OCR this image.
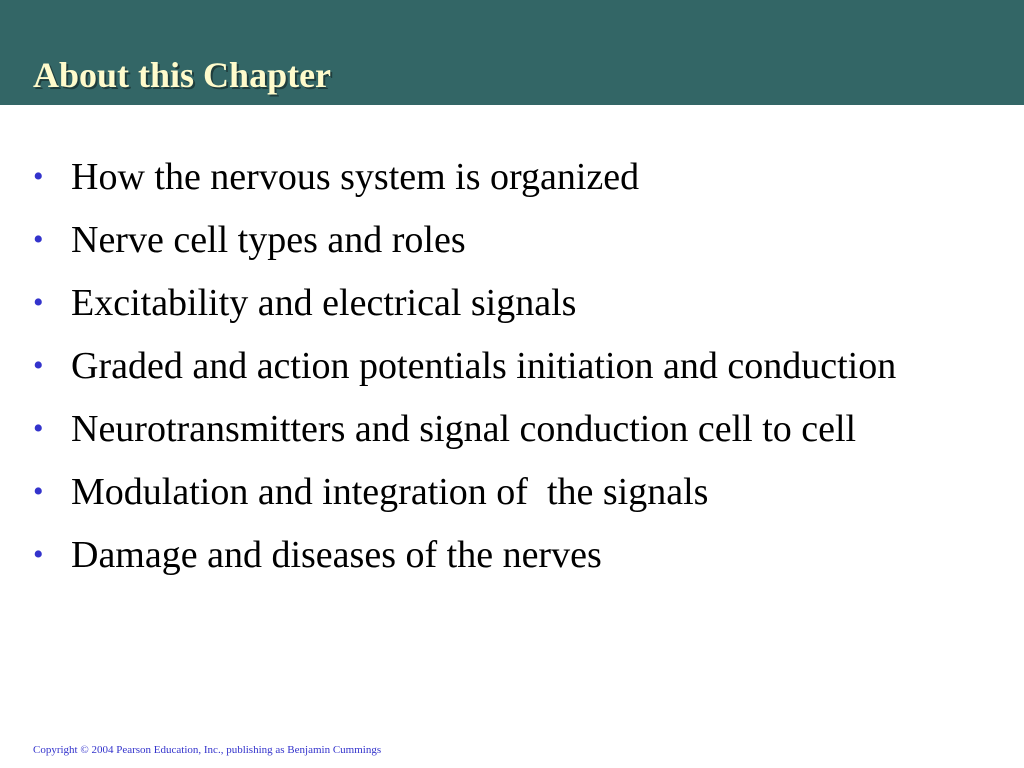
About this Chapter
• How the nervous system is organized
• Nerve cell types and roles
• Excitability and electrical signals
• Graded and action potentials initiation and conduction
• Neurotransmitters and signal conduction cell to cell
• Modulation and integration of  the signals
• Damage and diseases of the nerves

Copyright © 2004 Pearson Education, Inc., publishing as Benjamin Cummings
